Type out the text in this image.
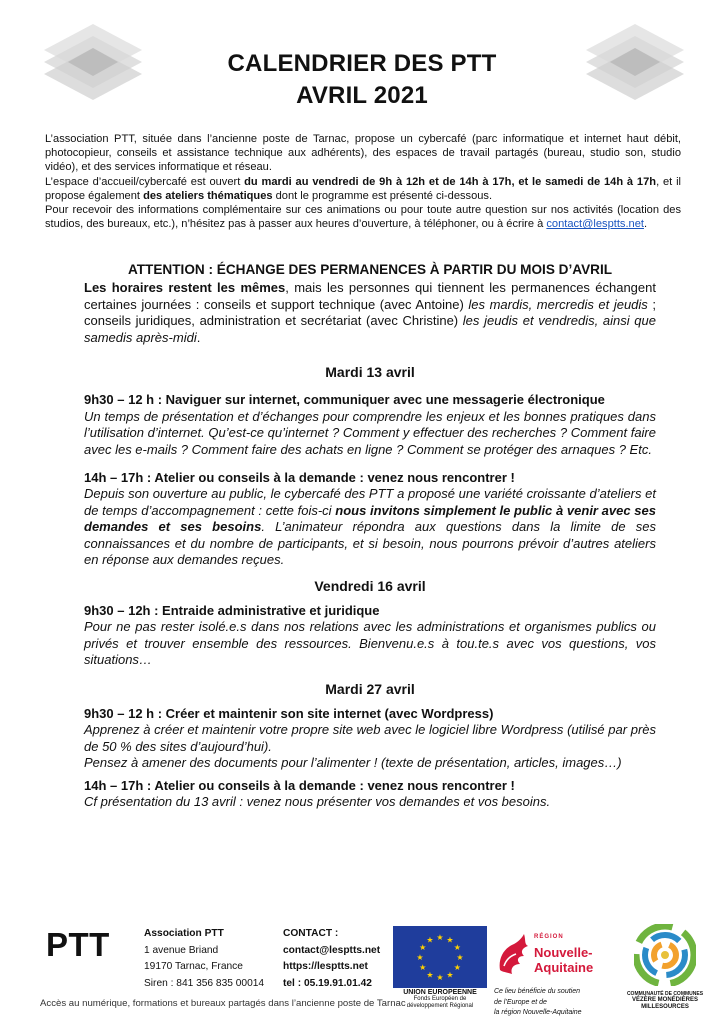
CALENDRIER DES PTT
AVRIL 2021

L’association PTT, située dans l’ancienne poste de Tarnac, propose un cybercafé (parc informatique et internet haut débit, photocopieur, conseils et assistance technique aux adhérents), des espaces de travail partagés (bureau, studio son, studio vidéo), et des services informatique et réseau.

L’espace d’accueil/cybercafé est ouvert du mardi au vendredi de 9h à 12h et de 14h à 17h, et le samedi de 14h à 17h, et il propose également des ateliers thématiques dont le programme est présenté ci-dessous.

Pour recevoir des informations complémentaire sur ces animations ou pour toute autre question sur nos activités (location des studios, des bureaux, etc.), n’hésitez pas à passer aux heures d’ouverture, à téléphoner, ou à écrire à contact@lesptts.net.

ATTENTION : ÉCHANGE DES PERMANENCES À PARTIR DU MOIS D’AVRIL

Les horaires restent les mêmes, mais les personnes qui tiennent les permanences échangent certaines journées : conseils et support technique (avec Antoine) les mardis, mercredis et jeudis ; conseils juridiques, administration et secrétariat (avec Christine) les jeudis et vendredis, ainsi que samedis après-midi.

Mardi 13 avril

9h30 – 12 h : Naviguer sur internet, communiquer avec une messagerie électronique

Un temps de présentation et d’échanges pour comprendre les enjeux et les bonnes pratiques dans l’utilisation d’internet. Qu’est-ce qu’internet ? Comment y effectuer des recherches ? Comment faire avec les e-mails ? Comment faire des achats en ligne ? Comment se protéger des arnaques ? Etc.

14h – 17h : Atelier ou conseils à la demande : venez nous rencontrer !

Depuis son ouverture au public, le cybercafé des PTT a proposé une variété croissante d’ateliers et de temps d’accompagnement : cette fois-ci nous invitons simplement le public à venir avec ses demandes et ses besoins. L’animateur répondra aux questions dans la limite de ses connaissances et du nombre de participants, et si besoin, nous pourrons prévoir d’autres ateliers en réponse aux demandes reçues.

Vendredi 16 avril

9h30 – 12h : Entraide administrative et juridique

Pour ne pas rester isolé.e.s dans nos relations avec les administrations et organismes publics ou privés et trouver ensemble des ressources. Bienvenu.e.s à tou.te.s avec vos questions, vos situations…

Mardi 27 avril

9h30 – 12 h : Créer et maintenir son site internet (avec Wordpress)

Apprenez à créer et maintenir votre propre site web avec le logiciel libre Wordpress (utilisé par près de 50 % des sites d’aujourd’hui).

Pensez à amener des documents pour l’alimenter ! (texte de présentation, articles, images…)

14h – 17h : Atelier ou conseils à la demande : venez nous rencontrer !

Cf présentation du 13 avril : venez nous présenter vos demandes et vos besoins.

PTT	Association PTT
1 avenue Briand
19170 Tarnac, France
Siren : 841 356 835 00014
CONTACT :
contact@lesptts.net
https://lesptts.net
tel : 05.19.91.01.42
★ ★
★
★
★
★
★
★
★
★
★
★
UNION EUROPEENNE
Fonds Européen de
développement Régional
RÉGION
Nouvelle-
Aquitaine
Ce lieu bénéficie du soutien
de l’Europe et de
la région Nouvelle-Aquitaine
COMMUNAUTÉ DE COMMUNES
VÉZÈRE MONÉDIÈRES MILLESOURCES
Accès au numérique, formations et bureaux partagés dans l’ancienne poste de Tarnac
